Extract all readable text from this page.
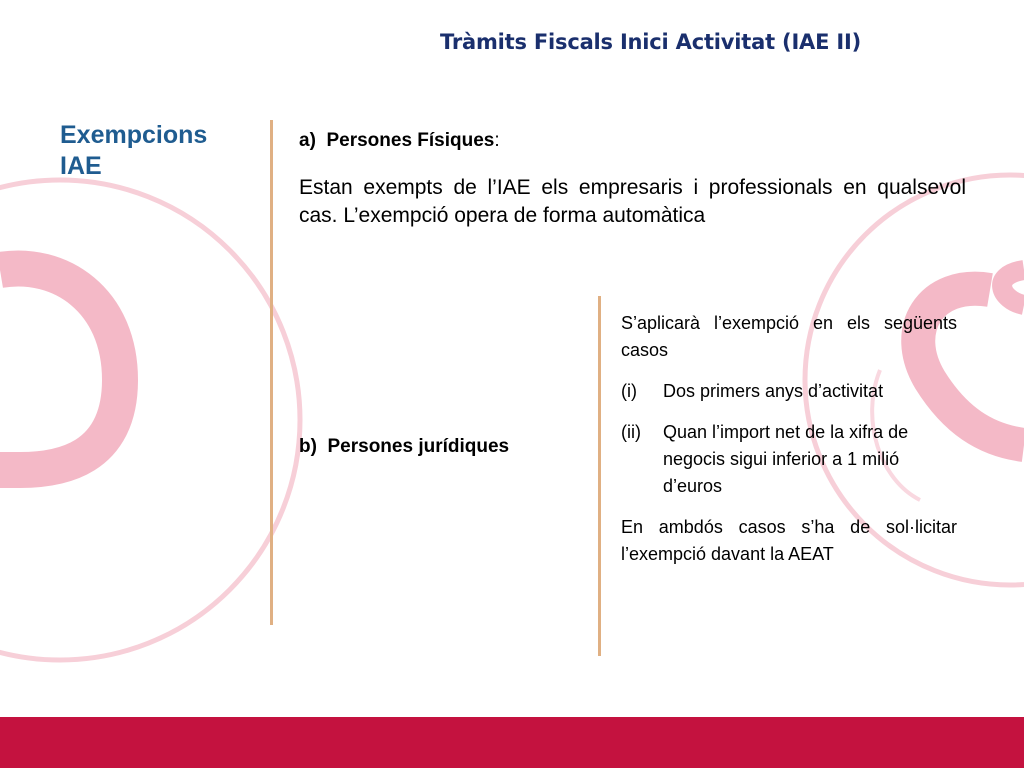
Tràmits Fiscals Inici Activitat (IAE II)
Exempcions
IAE
a) Persones Físiques:
Estan exempts de l’IAE els empresaris i professionals en qualsevol cas. L’exempció opera de forma automàtica
b) Persones jurídiques
S’aplicarà l’exempció en els següents casos
(i)	Dos primers anys d’activitat
(ii)	Quan l’import net de la xifra de negocis sigui inferior a 1 milió d’euros
En ambdós casos s’ha de sol·licitar l’exempció davant la AEAT
